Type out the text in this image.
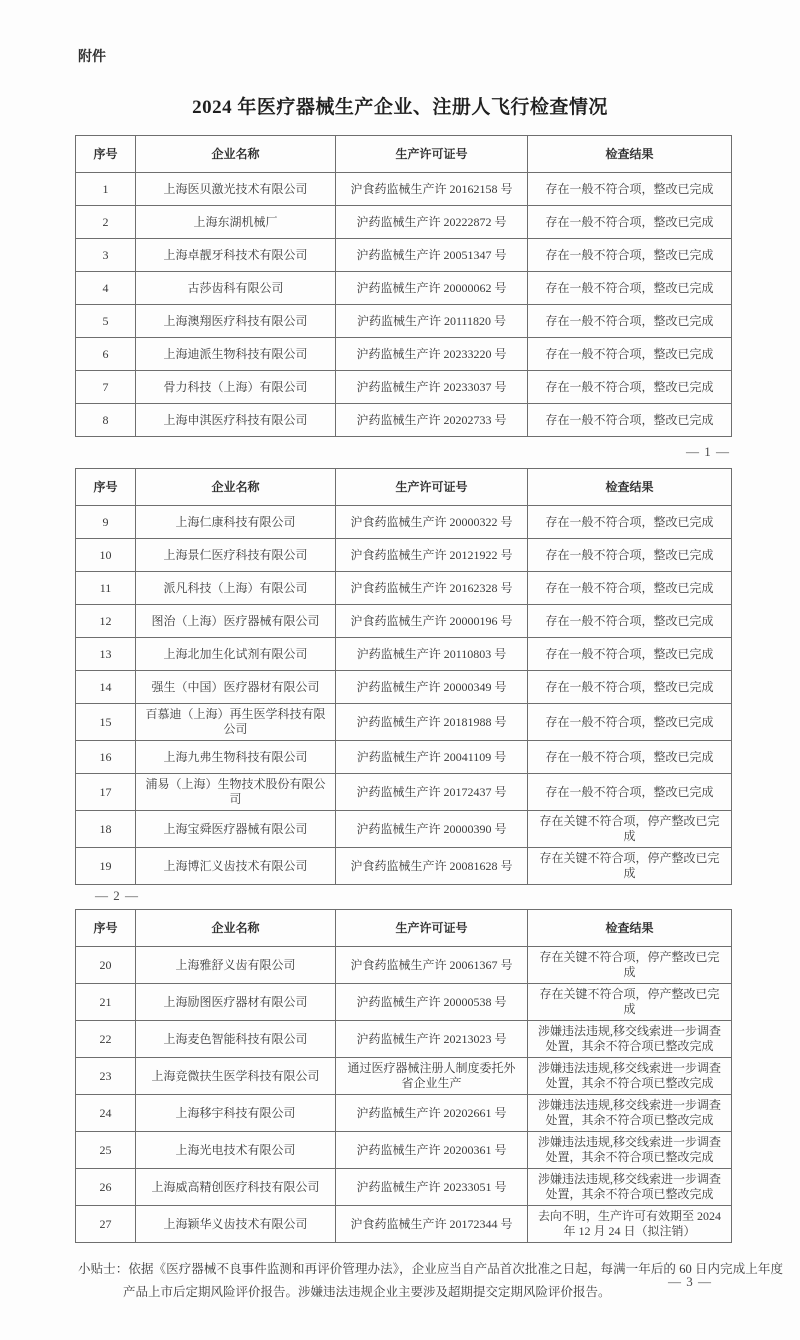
附件
2024 年医疗器械生产企业、注册人飞行检查情况
序号	企业名称	生产许可证号	检查结果
1	上海医贝激光技术有限公司	沪食药监械生产许 20162158 号	存在一般不符合项，整改已完成
2	上海东湖机械厂	沪药监械生产许 20222872 号	存在一般不符合项，整改已完成
3	上海卓靓牙科技术有限公司	沪药监械生产许 20051347 号	存在一般不符合项，整改已完成
4	古莎齿科有限公司	沪药监械生产许 20000062 号	存在一般不符合项，整改已完成
5	上海澳翔医疗科技有限公司	沪药监械生产许 20111820 号	存在一般不符合项，整改已完成
6	上海迪派生物科技有限公司	沪药监械生产许 20233220 号	存在一般不符合项，整改已完成
7	骨力科技（上海）有限公司	沪药监械生产许 20233037 号	存在一般不符合项，整改已完成
8	上海申淇医疗科技有限公司	沪药监械生产许 20202733 号	存在一般不符合项，整改已完成
— 1 —
序号	企业名称	生产许可证号	检查结果
9	上海仁康科技有限公司	沪食药监械生产许 20000322 号	存在一般不符合项，整改已完成
10	上海景仁医疗科技有限公司	沪食药监械生产许 20121922 号	存在一般不符合项，整改已完成
11	派凡科技（上海）有限公司	沪食药监械生产许 20162328 号	存在一般不符合项，整改已完成
12	图治（上海）医疗器械有限公司	沪食药监械生产许 20000196 号	存在一般不符合项，整改已完成
13	上海北加生化试剂有限公司	沪药监械生产许 20110803 号	存在一般不符合项，整改已完成
14	强生（中国）医疗器材有限公司	沪药监械生产许 20000349 号	存在一般不符合项，整改已完成
15	百慕迪（上海）再生医学科技有限公司	沪药监械生产许 20181988 号	存在一般不符合项，整改已完成
16	上海九弗生物科技有限公司	沪药监械生产许 20041109 号	存在一般不符合项，整改已完成
17	浦易（上海）生物技术股份有限公司	沪药监械生产许 20172437 号	存在一般不符合项，整改已完成
18	上海宝舜医疗器械有限公司	沪药监械生产许 20000390 号	存在关键不符合项，停产整改已完成
19	上海博汇义齿技术有限公司	沪食药监械生产许 20081628 号	存在关键不符合项，停产整改已完成
— 2 —
序号	企业名称	生产许可证号	检查结果
20	上海雅舒义齿有限公司	沪食药监械生产许 20061367 号	存在关键不符合项，停产整改已完成
21	上海励图医疗器材有限公司	沪药监械生产许 20000538 号	存在关键不符合项，停产整改已完成
22	上海麦色智能科技有限公司	沪药监械生产许 20213023 号	涉嫌违法违规,移交线索进一步调查处置，其余不符合项已整改完成
23	上海竞微扶生医学科技有限公司	通过医疗器械注册人制度委托外省企业生产	涉嫌违法违规,移交线索进一步调查处置，其余不符合项已整改完成
24	上海移宇科技有限公司	沪药监械生产许 20202661 号	涉嫌违法违规,移交线索进一步调查处置，其余不符合项已整改完成
25	上海光电技术有限公司	沪药监械生产许 20200361 号	涉嫌违法违规,移交线索进一步调查处置，其余不符合项已整改完成
26	上海威高精创医疗科技有限公司	沪药监械生产许 20233051 号	涉嫌违法违规,移交线索进一步调查处置，其余不符合项已整改完成
27	上海颖华义齿技术有限公司	沪食药监械生产许 20172344 号	去向不明，生产许可有效期至 2024 年 12 月 24 日（拟注销）
小贴士：依据《医疗器械不良事件监测和再评价管理办法》，企业应当自产品首次批准之日起，每满一年后的 60 日内完成上年度产品上市后定期风险评价报告。涉嫌违法违规企业主要涉及超期提交定期风险评价报告。
— 3 —
